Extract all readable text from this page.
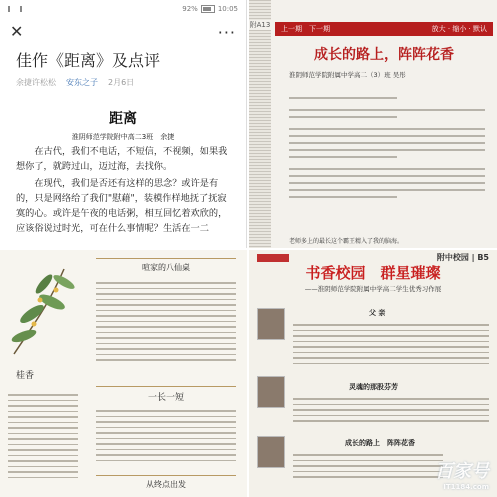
92%	10:05
✕	···
佳作《距离》及点评
余捷许松松 安东之子 2月6日
距离
淮阴师范学院附中高二3班　余捷

在古代，我们不电话，不短信，不视频，如果我想你了，就跨过山，迈过海，去找你。

在现代，我们是否还有这样的思念？或许是有的，只是网络给了我们"慰藉"，装模作样地抚了抚寂寞的心。或许是午夜的电话粥，相互回忆着欢欣的，应该俗说过时光，可在什么事情呢？生活在一二

附A13 上一期　下一期	放大 · 缩小 · 默认
成长的路上，阵阵花香
淮阴师范学院附属中学高二（3）班 吴彤
老师多上的最长这个霸王精入了我的脑海。
桂香
喧家的八仙桌
一长一短
从终点出发
附中校园 | B5
书香校园　群星璀璨
——淮阴师范学院附属中学高二学生优秀习作展
父 亲
灵魂的那股芬芳
成长的路上　阵阵花香
百家号
IT1184.com
